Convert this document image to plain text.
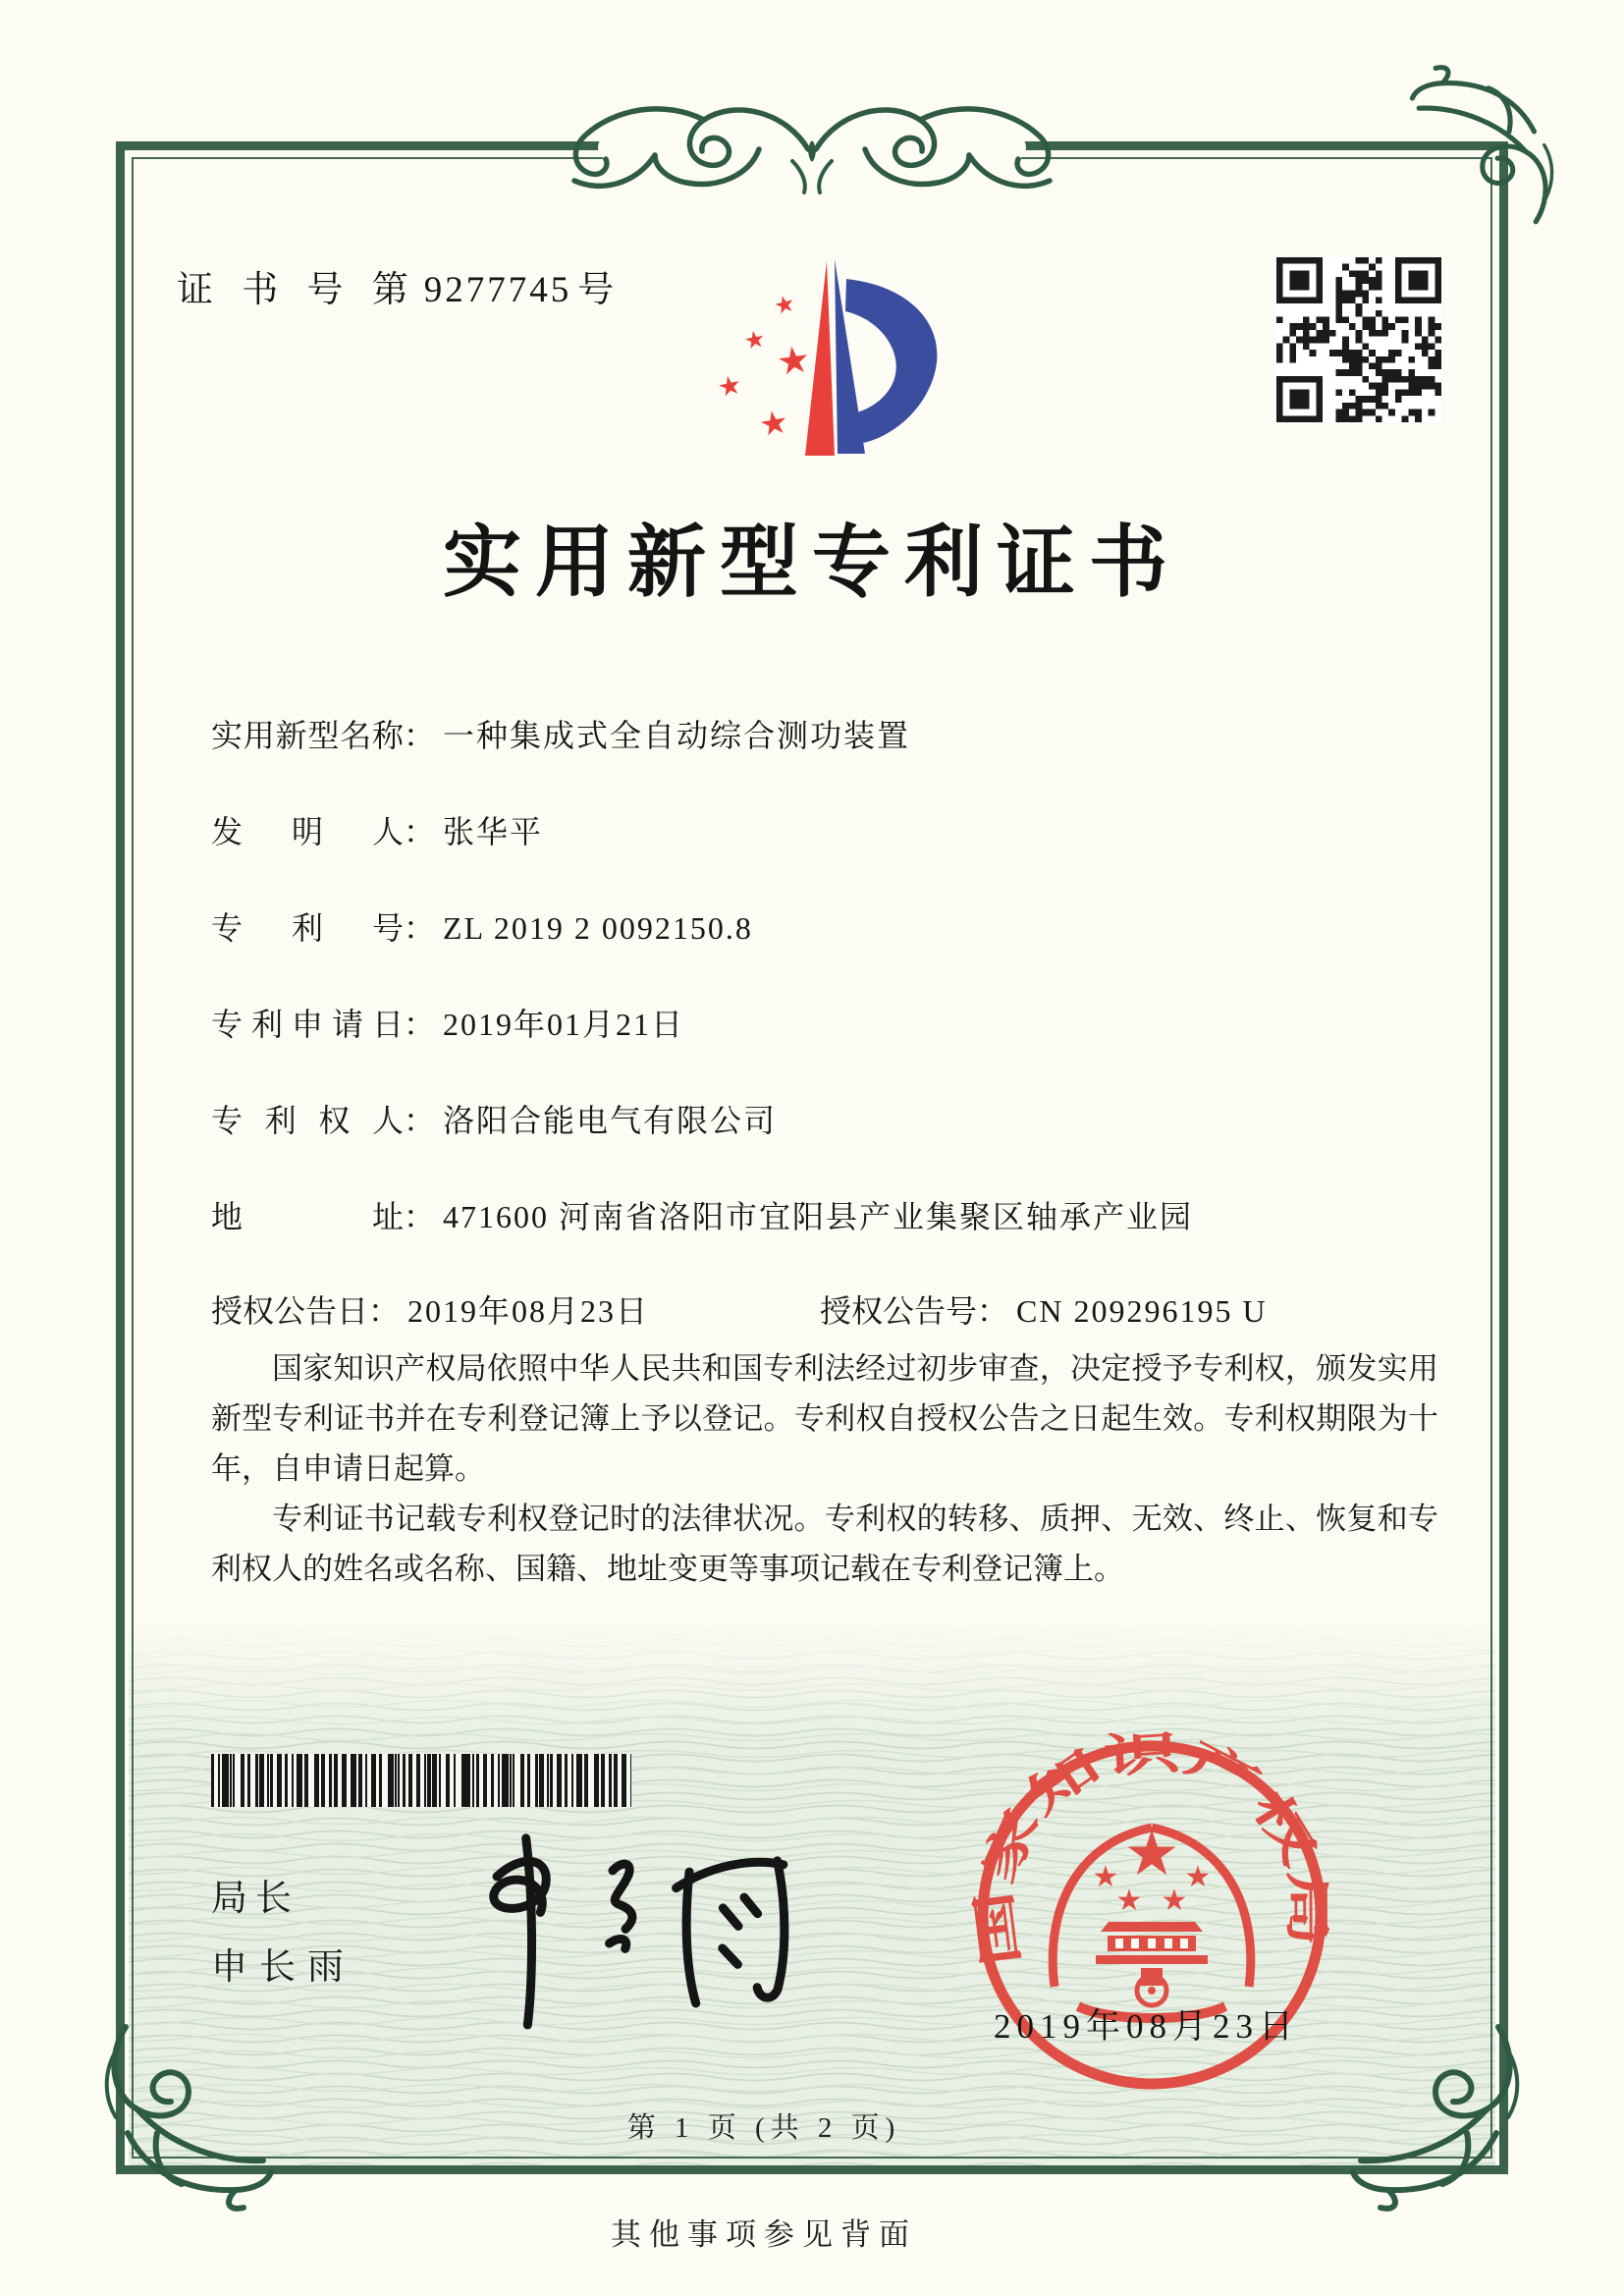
证 书 号 第 9277745 号	★
★ ★
★
★
实用新型专利证书
实用新型名称： 一种集成式全自动综合测功装置
发明人： 张华平
专利号： ZL 2019 2 0092150.8
专利申请日： 2019年01月21日
专利权人： 洛阳合能电气有限公司
地址： 471600 河南省洛阳市宜阳县产业集聚区轴承产业园
授权公告日： 2019年08月23日	授权公告号： CN 209296195 U

国家知识产权局依照中华人民共和国专利法经过初步审查，决定授予专利权，颁发实用新型专利证书并在专利登记簿上予以登记。专利权自授权公告之日起生效。专利权期限为十年，自申请日起算。

专利证书记载专利权登记时的法律状况。专利权的转移、质押、无效、终止、恢复和专利权人的姓名或名称、国籍、地址变更等事项记载在专利登记簿上。

局长
申长雨	国家知识产权局
★
★ ★
★ ★
2019年08月23日
第 1 页 (共 2 页)
其他事项参见背面
